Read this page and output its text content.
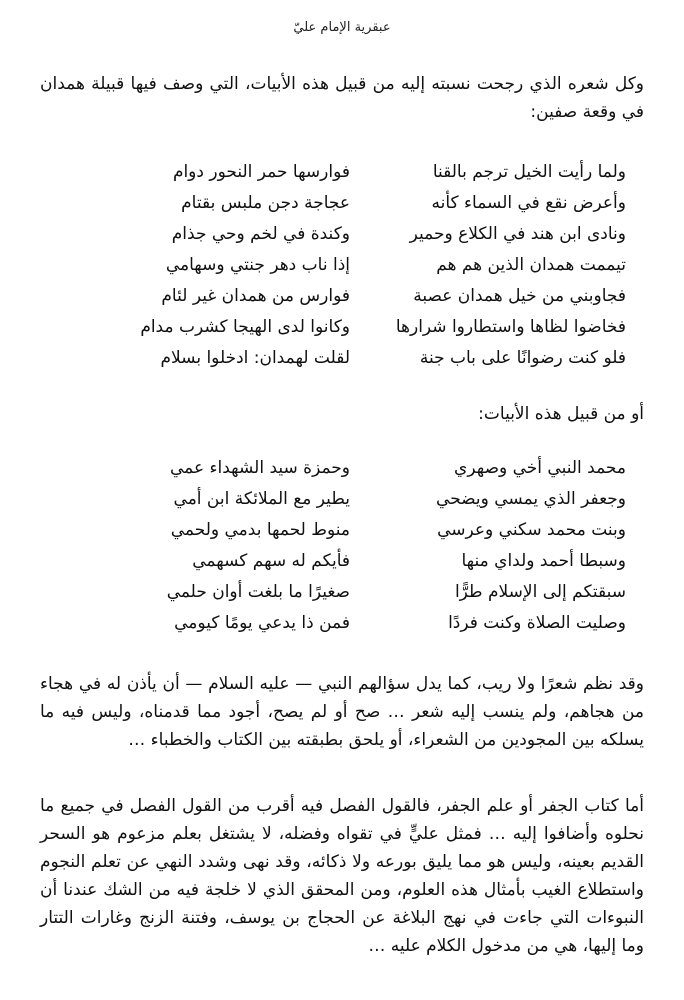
عبقرية الإمام عليّ

وكل شعره الذي رجحت نسبته إليه من قبيل هذه الأبيات، التي وصف فيها قبيلة همدان في وقعة صفين:

ولما رأيت الخيل ترجم بالقنا
فوارسها حمر النحور دوام
وأعرض نقع في السماء كأنه
عجاجة دجن ملبس بقتام
ونادى ابن هند في الكلاع وحمير
وكندة في لخم وحي جذام
تيممت همدان الذين هم هم
إذا ناب دهر جنتي وسهامي
فجاوبني من خيل همدان عصبة
فوارس من همدان غير لئام
فخاضوا لظاها واستطاروا شرارها
وكانوا لدى الهيجا كشرب مدام
فلو كنت رضوانًا على باب جنة
لقلت لهمدان: ادخلوا بسلام

أو من قبيل هذه الأبيات:

محمد النبي أخي وصهري
وحمزة سيد الشهداء عمي
وجعفر الذي يمسي ويضحي
يطير مع الملائكة ابن أمي
وبنت محمد سكني وعرسي
منوط لحمها بدمي ولحمي
وسبطا أحمد ولداي منها
فأيكم له سهم كسهمي
سبقتكم إلى الإسلام طرًّا
صغيرًا ما بلغت أوان حلمي
وصليت الصلاة وكنت فردًا
فمن ذا يدعي يومًا كيومي

وقد نظم شعرًا ولا ريب، كما يدل سؤالهم النبي — عليه السلام — أن يأذن له في هجاء من هجاهم، ولم ينسب إليه شعر … صح أو لم يصح، أجود مما قدمناه، وليس فيه ما يسلكه بين المجودين من الشعراء، أو يلحق بطبقته بين الكتاب والخطباء …

أما كتاب الجفر أو علم الجفر، فالقول الفصل فيه أقرب من القول الفصل في جميع ما نحلوه وأضافوا إليه … فمثل عليٍّ في تقواه وفضله، لا يشتغل بعلم مزعوم هو السحر القديم بعينه، وليس هو مما يليق بورعه ولا ذكائه، وقد نهى وشدد النهي عن تعلم النجوم واستطلاع الغيب بأمثال هذه العلوم، ومن المحقق الذي لا خلجة فيه من الشك عندنا أن النبوءات التي جاءت في نهج البلاغة عن الحجاج بن يوسف، وفتنة الزنج وغارات التتار وما إليها، هي من مدخول الكلام عليه …
